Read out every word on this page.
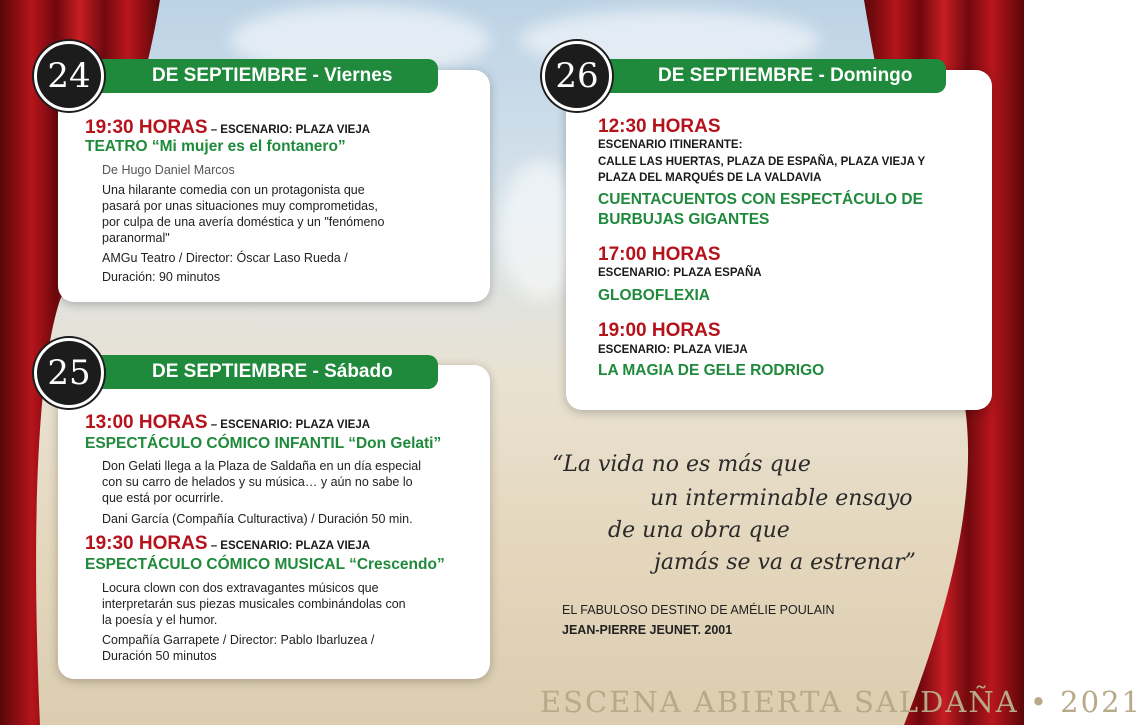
DE SEPTIEMBRE - Viernes
24
19:30 HORAS – ESCENARIO: PLAZA VIEJA
TEATRO “Mi mujer es el fontanero”
De Hugo Daniel Marcos
Una hilarante comedia con un protagonista que
pasará por unas situaciones muy comprometidas,
por culpa de una avería doméstica y un "fenómeno
paranormal"
AMGu Teatro / Director: Óscar Laso Rueda /
Duración: 90 minutos
DE SEPTIEMBRE - Sábado
25
13:00 HORAS – ESCENARIO: PLAZA VIEJA
ESPECTÁCULO CÓMICO INFANTIL “Don Gelati”
Don Gelati llega a la Plaza de Saldaña en un día especial
con su carro de helados y su música… y aún no sabe lo
que está por ocurrirle.
Dani García (Compañía Culturactiva) / Duración 50 min.
19:30 HORAS – ESCENARIO: PLAZA VIEJA
ESPECTÁCULO CÓMICO MUSICAL “Crescendo”
Locura clown con dos extravagantes músicos que
interpretarán sus piezas musicales combinándolas con
la poesía y el humor.
Compañía Garrapete / Director: Pablo Ibarluzea /
Duración 50 minutos
DE SEPTIEMBRE - Domingo
26
12:30 HORAS
ESCENARIO ITINERANTE:
CALLE LAS HUERTAS, PLAZA DE ESPAÑA, PLAZA VIEJA Y
PLAZA DEL MARQUÉS DE LA VALDAVIA
CUENTACUENTOS CON ESPECTÁCULO DE
BURBUJAS GIGANTES
17:00 HORAS
ESCENARIO: PLAZA ESPAÑA
GLOBOFLEXIA
19:00 HORAS
ESCENARIO: PLAZA VIEJA
LA MAGIA DE GELE RODRIGO
“La vida no es más que
un interminable ensayo
de una obra que
jamás se va a estrenar”
EL FABULOSO DESTINO DE AMÉLIE POULAIN
JEAN-PIERRE JEUNET. 2001
ESCENA ABIERTA SALDAÑA • 2021
